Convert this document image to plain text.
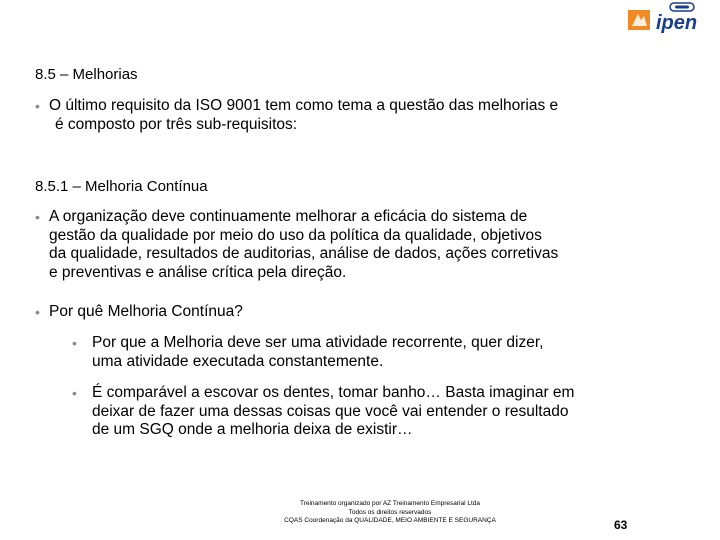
ipen
8.5 – Melhorias
• O último requisito da ISO 9001 tem como tema a questão das melhorias e
é composto por três sub-requisitos:
8.5.1 – Melhoria Contínua
• A organização deve continuamente melhorar a eficácia do sistema de
gestão da qualidade por meio do uso da política da qualidade, objetivos
da qualidade, resultados de auditorias, análise de dados, ações corretivas
e preventivas e análise crítica pela direção.
• Por quê Melhoria Contínua?
• Por que a Melhoria deve ser uma atividade recorrente, quer dizer,
uma atividade executada constantemente.
• É comparável a escovar os dentes, tomar banho… Basta imaginar em
deixar de fazer uma dessas coisas que você vai entender o resultado
de um SGQ onde a melhoria deixa de existir…
Treinamento organizado por AZ Treinamento Empresarial Ltda
Todos os direitos reservados
CQAS Coordenação da QUALIDADE, MEIO AMBIENTE E SEGURANÇA	63
